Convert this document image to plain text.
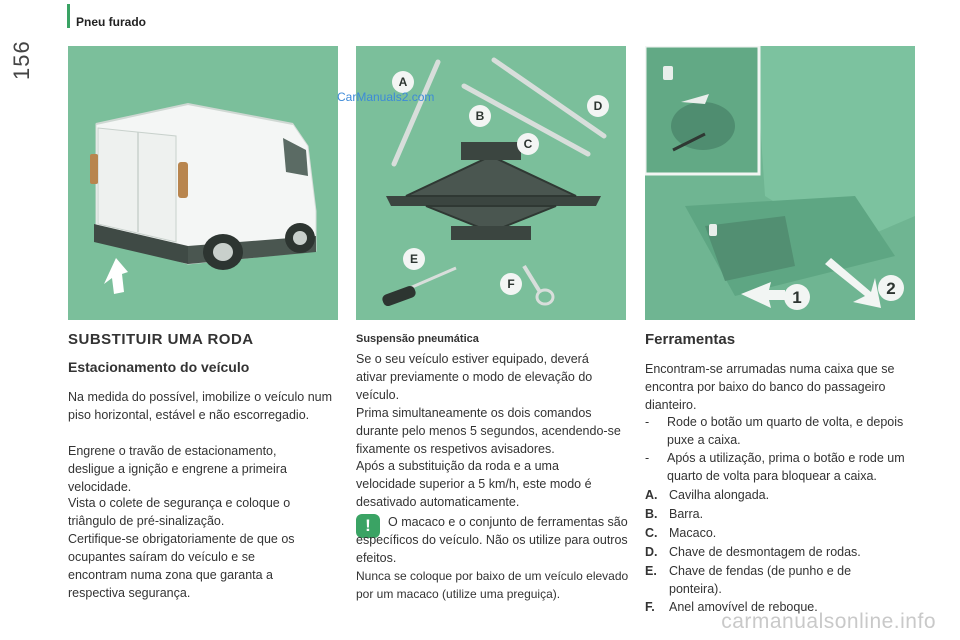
Pneu furado
156
A
B
C
D
E
F
1	2
CarManuals2.com
SUBSTITUIR UMA RODA
Estacionamento do veículo
Na medida do possível, imobilize o veículo num piso horizontal, estável e não escorregadio.
Engrene o travão de estacionamento, desligue a ignição e engrene a primeira velocidade.
Vista o colete de segurança e coloque o triângulo de pré-sinalização.
Certifique-se obrigatoriamente de que os ocupantes saíram do veículo e se encontram numa zona que garanta a respectiva segurança.
Suspensão pneumática
Se o seu veículo estiver equipado, deverá ativar previamente o modo de elevação do veículo.
Prima simultaneamente os dois comandos durante pelo menos 5 segundos, acendendo-se fixamente os respetivos avisadores.
Após a substituição da roda e a uma velocidade superior a 5 km/h, este modo é desativado automaticamente.
!	O macaco e o conjunto de ferramentas são específicos do veículo. Não os utilize para outros efeitos.
Nunca se coloque por baixo de um veículo elevado por um macaco (utilize uma preguiça).
Ferramentas
Encontram-se arrumadas numa caixa que se encontra por baixo do banco do passageiro dianteiro.
- Rode o botão um quarto de volta, e depois puxe a caixa.
- Após a utilização, prima o botão e rode um quarto de volta para bloquear a caixa.
A. Cavilha alongada.
B. Barra.
C. Macaco.
D. Chave de desmontagem de rodas.
E. Chave de fendas (de punho e de ponteira).
F. Anel amovível de reboque.
carmanualsonline.info
